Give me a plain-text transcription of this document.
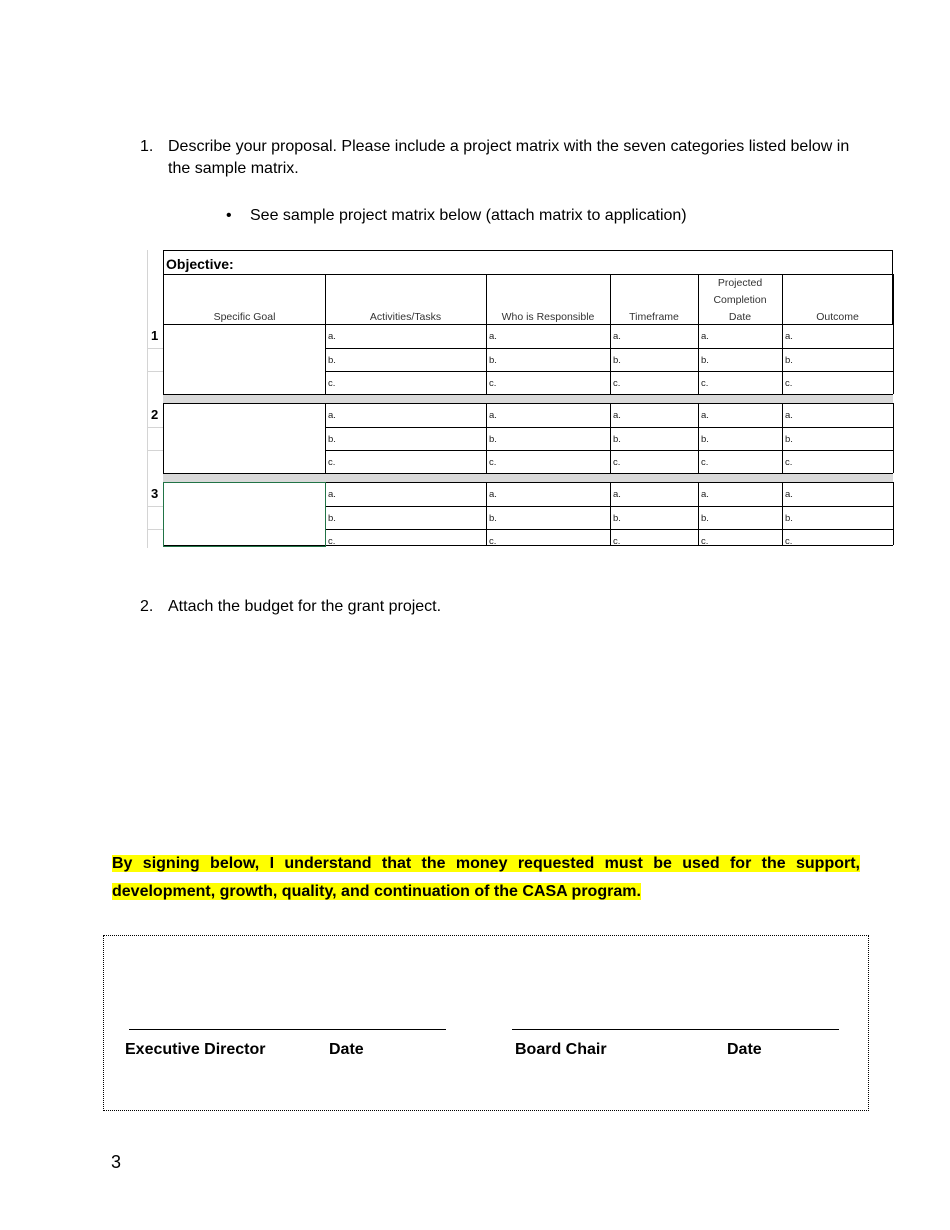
1. Describe your proposal. Please include a project matrix with the seven categories listed below in the sample matrix.
• See sample project matrix below (attach matrix to application)
Objective:
Specific Goal	Activities/Tasks	Who is Responsible	Timeframe
Projected
Completion
Date	Outcome
1	a.	a.	a.	a.	a.
b.	b.	b.	b.	b.
c.	c.	c.	c.	c.
2	a.	a.	a.	a.	a.
b.	b.	b.	b.	b.
c.	c.	c.	c.	c.
3	a.	a.	a.	a.	a.
b.	b.	b.	b.	b.
c.	c.	c.	c.	c.
2. Attach the budget for the grant project.
By signing below, I understand that the money requested must be used for the support, development, growth, quality, and continuation of the CASA program.
Executive Director	Date	Board Chair	Date
3
